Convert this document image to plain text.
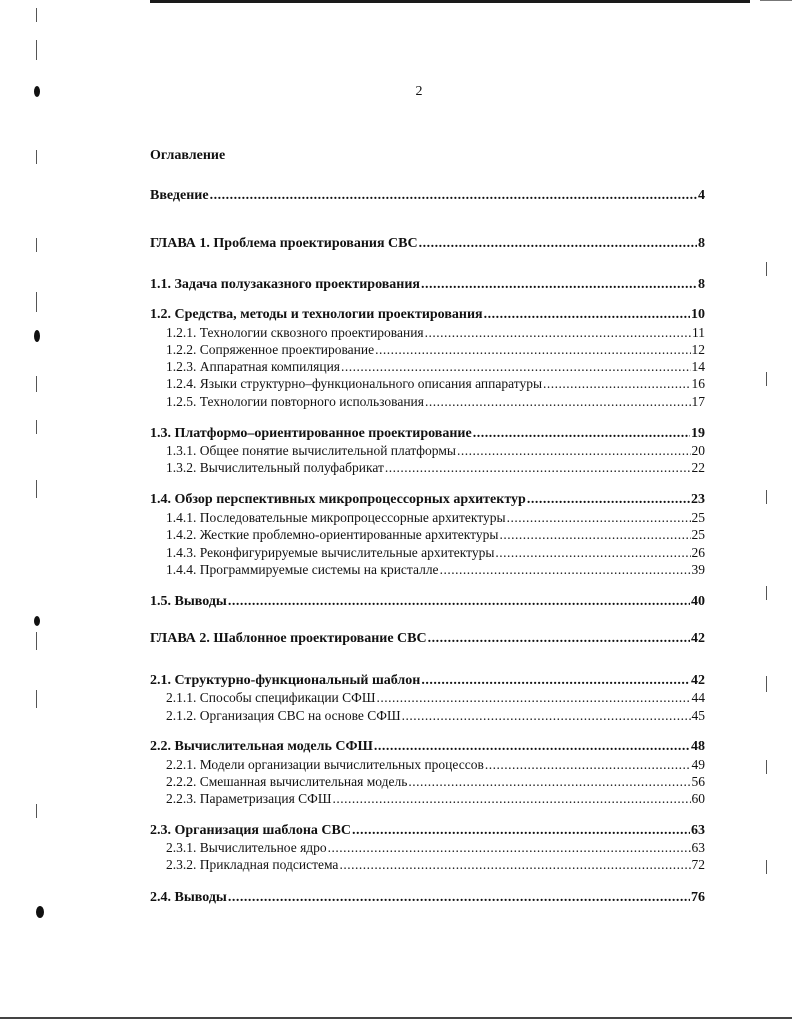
2
Оглавление
Введение .....	4
ГЛАВА 1. Проблема проектирования СВС .....	8
1.1. Задача полузаказного проектирования .....	8
1.2. Средства, методы и технологии проектирования .....	10
1.2.1. Технологии сквозного проектирования .....	11
1.2.2. Сопряженное проектирование .....	12
1.2.3. Аппаратная компиляция .....	14
1.2.4. Языки структурно–функционального описания аппаратуры .....	16
1.2.5. Технологии повторного использования .....	17
1.3. Платформо–ориентированное проектирование .....	19
1.3.1. Общее понятие вычислительной платформы .....	20
1.3.2. Вычислительный полуфабрикат .....	22
1.4. Обзор перспективных микропроцессорных архитектур .....	23
1.4.1. Последовательные микропроцессорные архитектуры .....	25
1.4.2. Жесткие проблемно-ориентированные архитектуры .....	25
1.4.3. Реконфигурируемые вычислительные архитектуры .....	26
1.4.4. Программируемые системы на кристалле .....	39
1.5. Выводы .....	40
ГЛАВА 2. Шаблонное проектирование СВС .....	42
2.1. Структурно-функциональный шаблон .....	42
2.1.1. Способы спецификации СФШ .....	44
2.1.2. Организация СВС на основе СФШ .....	45
2.2. Вычислительная модель СФШ .....	48
2.2.1. Модели организации вычислительных процессов .....	49
2.2.2. Смешанная вычислительная модель .....	56
2.2.3. Параметризация СФШ .....	60
2.3. Организация шаблона СВС .....	63
2.3.1. Вычислительное ядро .....	63
2.3.2. Прикладная подсистема .....	72
2.4. Выводы .....	76
